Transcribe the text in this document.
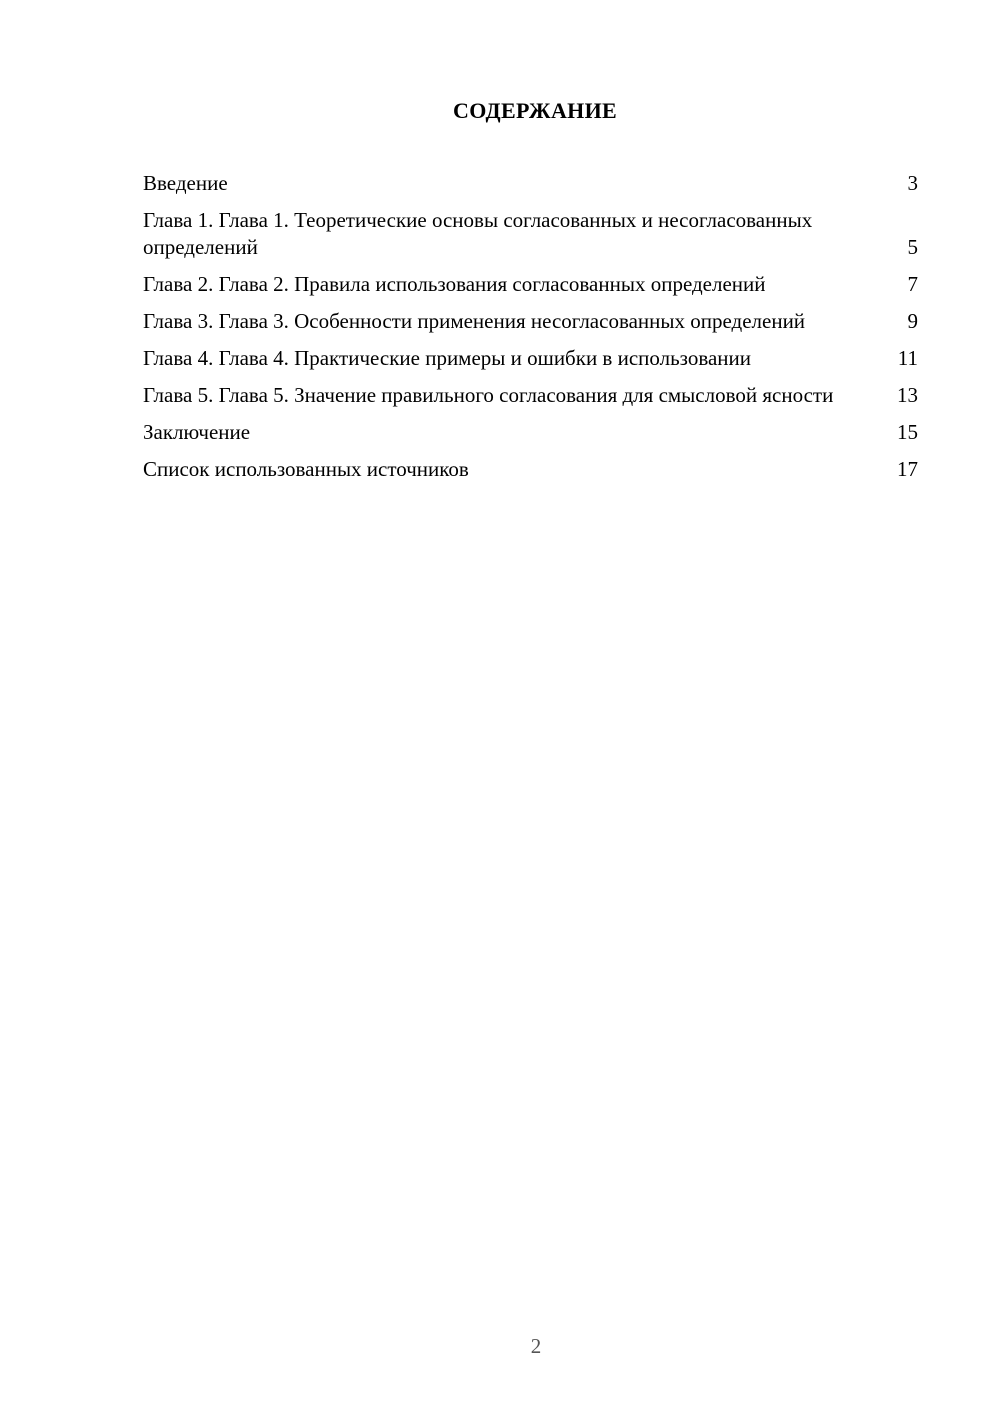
СОДЕРЖАНИЕ
Введение	3
Глава 1. Глава 1. Теоретические основы согласованных и несогласованных определений	5
Глава 2. Глава 2. Правила использования согласованных определений	7
Глава 3. Глава 3. Особенности применения несогласованных определений	9
Глава 4. Глава 4. Практические примеры и ошибки в использовании	11
Глава 5. Глава 5. Значение правильного согласования для смысловой ясности	13
Заключение	15
Список использованных источников	17
2
